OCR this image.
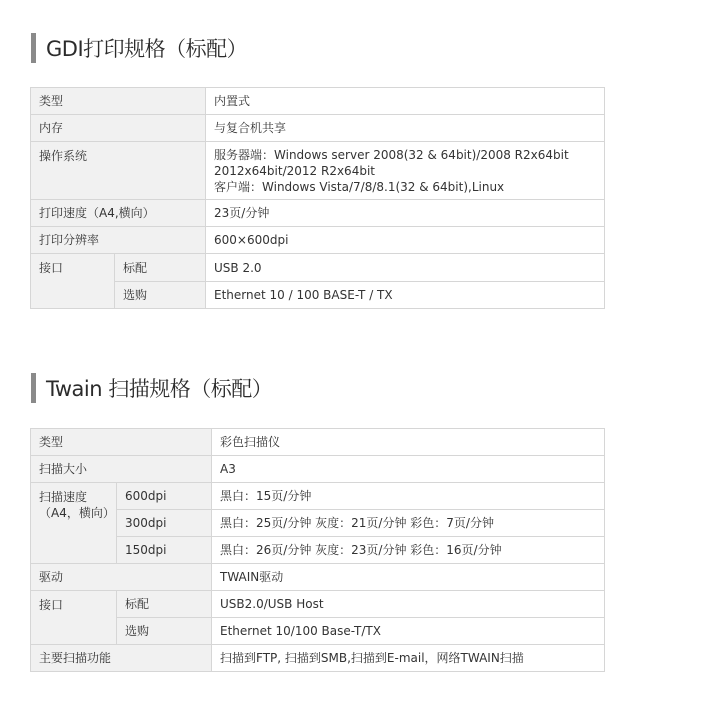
GDI打印规格（标配）
类型		内置式
内存		与复合机共享
操作系统		服务器端：Windows server 2008(32 & 64bit)/2008 R2x64bit
2012x64bit/2012 R2x64bit
客户端：Windows Vista/7/8/8.1(32 & 64bit),Linux

打印速度（A4,横向）		23页/分钟
打印分辨率		600×600dpi
接口	标配	USB 2.0
	选购	Ethernet 10 / 100 BASE-T / TX
Twain 扫描规格（标配）
类型		彩色扫描仪
扫描大小		A3
扫描速度（A4，横向）	600dpi	黑白：15页/分钟
	300dpi	黑白：25页/分钟 灰度：21页/分钟 彩色：7页/分钟
	150dpi	黑白：26页/分钟 灰度：23页/分钟 彩色：16页/分钟
驱动		TWAIN驱动
接口	标配	USB2.0/USB Host
	选购	Ethernet 10/100 Base-T/TX
主要扫描功能		扫描到FTP, 扫描到SMB,扫描到E-mail，网络TWAIN扫描
